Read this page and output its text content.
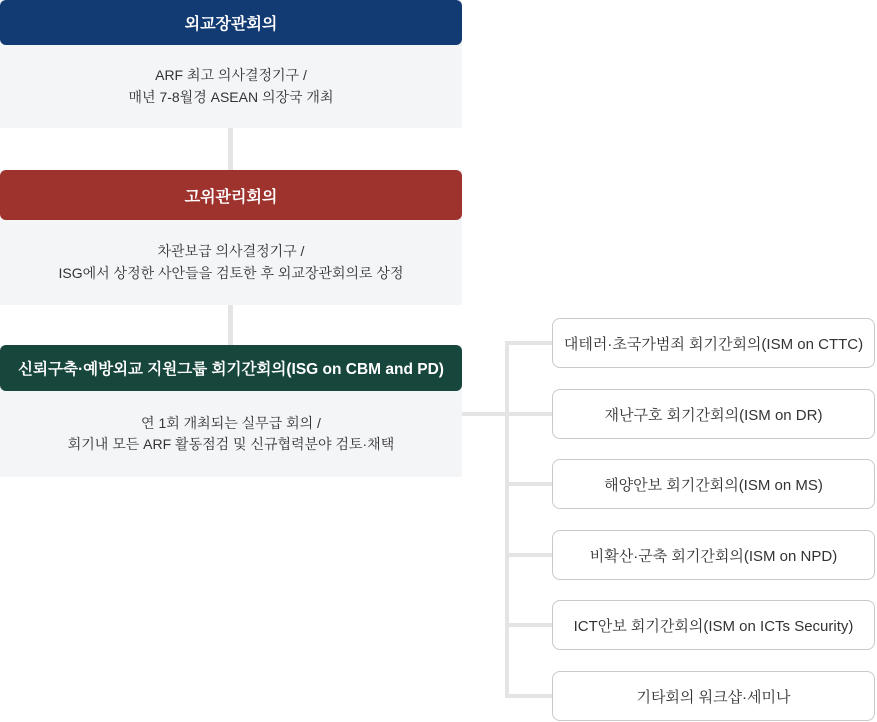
ARF 최고 의사결정기구 /
매년 7-8월경 ASEAN 의장국 개최
외교장관회의
차관보급 의사결정기구 /
ISG에서 상정한 사안들을 검토한 후 외교장관회의로 상정
고위관리회의
연 1회 개최되는 실무급 회의 /
회기내 모든 ARF 활동점검 및 신규협력분야 검토·채택
신뢰구축·예방외교 지원그룹 회기간회의(ISG on CBM and PD)
대테러·초국가범죄 회기간회의(ISM on CTTC)
재난구호 회기간회의(ISM on DR)
해양안보 회기간회의(ISM on MS)
비확산·군축 회기간회의(ISM on NPD)
ICT안보 회기간회의(ISM on ICTs Security)
기타회의 워크샵·세미나
